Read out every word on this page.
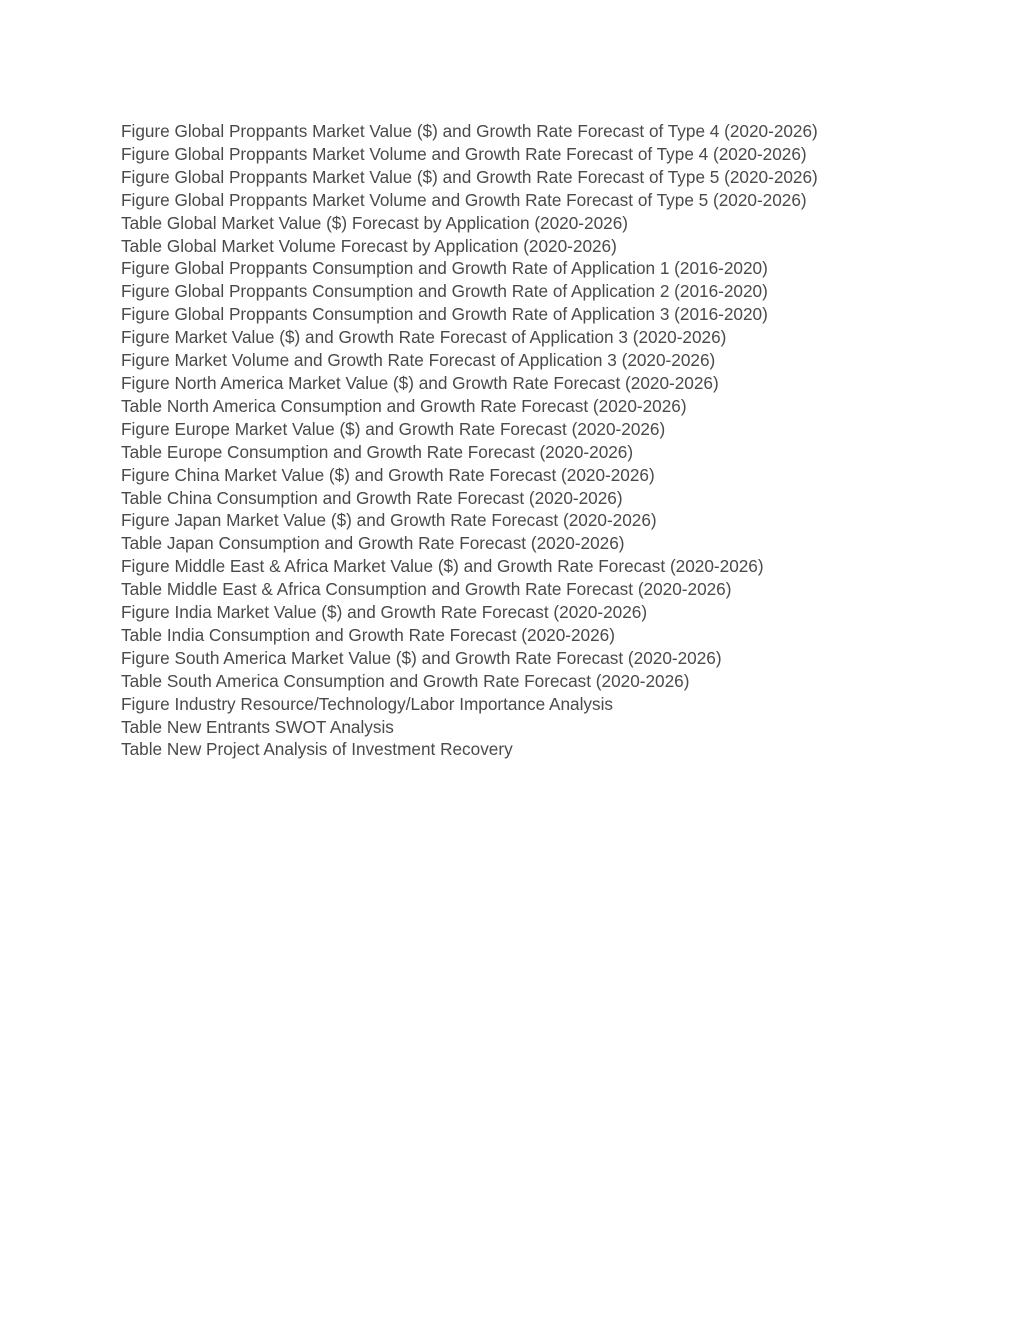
Figure Global Proppants Market Value ($) and Growth Rate Forecast of Type 4 (2020-2026)
Figure Global Proppants Market Volume and Growth Rate Forecast of Type 4 (2020-2026)
Figure Global Proppants Market Value ($) and Growth Rate Forecast of Type 5 (2020-2026)
Figure Global Proppants Market Volume and Growth Rate Forecast of Type 5 (2020-2026)
Table Global Market Value ($) Forecast by Application (2020-2026)
Table Global Market Volume Forecast by Application (2020-2026)
Figure Global Proppants Consumption and Growth Rate of Application 1 (2016-2020)
Figure Global Proppants Consumption and Growth Rate of Application 2 (2016-2020)
Figure Global Proppants Consumption and Growth Rate of Application 3 (2016-2020)
Figure Market Value ($) and Growth Rate Forecast of Application 3 (2020-2026)
Figure Market Volume and Growth Rate Forecast of Application 3 (2020-2026)
Figure North America Market Value ($) and Growth Rate Forecast (2020-2026)
Table North America Consumption and Growth Rate Forecast (2020-2026)
Figure Europe Market Value ($) and Growth Rate Forecast (2020-2026)
Table Europe Consumption and Growth Rate Forecast (2020-2026)
Figure China Market Value ($) and Growth Rate Forecast (2020-2026)
Table China Consumption and Growth Rate Forecast (2020-2026)
Figure Japan Market Value ($) and Growth Rate Forecast (2020-2026)
Table Japan Consumption and Growth Rate Forecast (2020-2026)
Figure Middle East & Africa Market Value ($) and Growth Rate Forecast (2020-2026)
Table Middle East & Africa Consumption and Growth Rate Forecast (2020-2026)
Figure India Market Value ($) and Growth Rate Forecast (2020-2026)
Table India Consumption and Growth Rate Forecast (2020-2026)
Figure South America Market Value ($) and Growth Rate Forecast (2020-2026)
Table South America Consumption and Growth Rate Forecast (2020-2026)
Figure Industry Resource/Technology/Labor Importance Analysis
Table New Entrants SWOT Analysis
Table New Project Analysis of Investment Recovery
